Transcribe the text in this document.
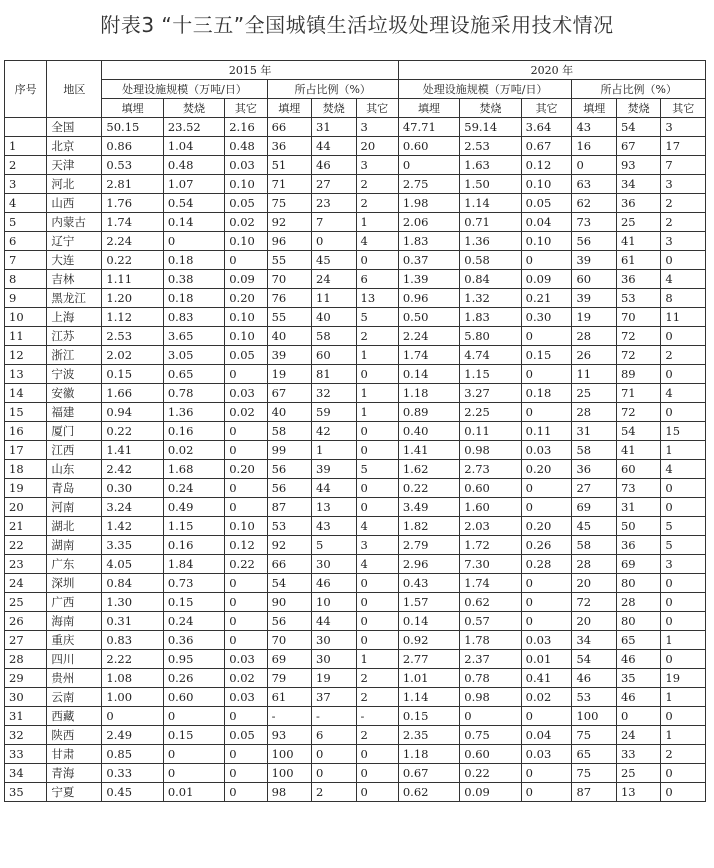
附表3 “十三五”全国城镇生活垃圾处理设施采用技术情况
序号	地区	2015 年						2020 年					
		处理设施规模（万吨/日）			所占比例（%）			处理设施规模（万吨/日）			所占比例（%）		
		填埋	焚烧	其它	填埋	焚烧	其它	填埋	焚烧	其它	填埋	焚烧	其它
	全国	50.15	23.52	2.16	66	31	3	47.71	59.14	3.64	43	54	3
1	北京	0.86	1.04	0.48	36	44	20	0.60	2.53	0.67	16	67	17
2	天津	0.53	0.48	0.03	51	46	3	0	1.63	0.12	0	93	7
3	河北	2.81	1.07	0.10	71	27	2	2.75	1.50	0.10	63	34	3
4	山西	1.76	0.54	0.05	75	23	2	1.98	1.14	0.05	62	36	2
5	内蒙古	1.74	0.14	0.02	92	7	1	2.06	0.71	0.04	73	25	2
6	辽宁	2.24	0	0.10	96	0	4	1.83	1.36	0.10	56	41	3
7	大连	0.22	0.18	0	55	45	0	0.37	0.58	0	39	61	0
8	吉林	1.11	0.38	0.09	70	24	6	1.39	0.84	0.09	60	36	4
9	黑龙江	1.20	0.18	0.20	76	11	13	0.96	1.32	0.21	39	53	8
10	上海	1.12	0.83	0.10	55	40	5	0.50	1.83	0.30	19	70	11
11	江苏	2.53	3.65	0.10	40	58	2	2.24	5.80	0	28	72	0
12	浙江	2.02	3.05	0.05	39	60	1	1.74	4.74	0.15	26	72	2
13	宁波	0.15	0.65	0	19	81	0	0.14	1.15	0	11	89	0
14	安徽	1.66	0.78	0.03	67	32	1	1.18	3.27	0.18	25	71	4
15	福建	0.94	1.36	0.02	40	59	1	0.89	2.25	0	28	72	0
16	厦门	0.22	0.16	0	58	42	0	0.40	0.11	0.11	31	54	15
17	江西	1.41	0.02	0	99	1	0	1.41	0.98	0.03	58	41	1
18	山东	2.42	1.68	0.20	56	39	5	1.62	2.73	0.20	36	60	4
19	青岛	0.30	0.24	0	56	44	0	0.22	0.60	0	27	73	0
20	河南	3.24	0.49	0	87	13	0	3.49	1.60	0	69	31	0
21	湖北	1.42	1.15	0.10	53	43	4	1.82	2.03	0.20	45	50	5
22	湖南	3.35	0.16	0.12	92	5	3	2.79	1.72	0.26	58	36	5
23	广东	4.05	1.84	0.22	66	30	4	2.96	7.30	0.28	28	69	3
24	深圳	0.84	0.73	0	54	46	0	0.43	1.74	0	20	80	0
25	广西	1.30	0.15	0	90	10	0	1.57	0.62	0	72	28	0
26	海南	0.31	0.24	0	56	44	0	0.14	0.57	0	20	80	0
27	重庆	0.83	0.36	0	70	30	0	0.92	1.78	0.03	34	65	1
28	四川	2.22	0.95	0.03	69	30	1	2.77	2.37	0.01	54	46	0
29	贵州	1.08	0.26	0.02	79	19	2	1.01	0.78	0.41	46	35	19
30	云南	1.00	0.60	0.03	61	37	2	1.14	0.98	0.02	53	46	1
31	西藏	0	0	0	-	-	-	0.15	0	0	100	0	0
32	陕西	2.49	0.15	0.05	93	6	2	2.35	0.75	0.04	75	24	1
33	甘肃	0.85	0	0	100	0	0	1.18	0.60	0.03	65	33	2
34	青海	0.33	0	0	100	0	0	0.67	0.22	0	75	25	0
35	宁夏	0.45	0.01	0	98	2	0	0.62	0.09	0	87	13	0
